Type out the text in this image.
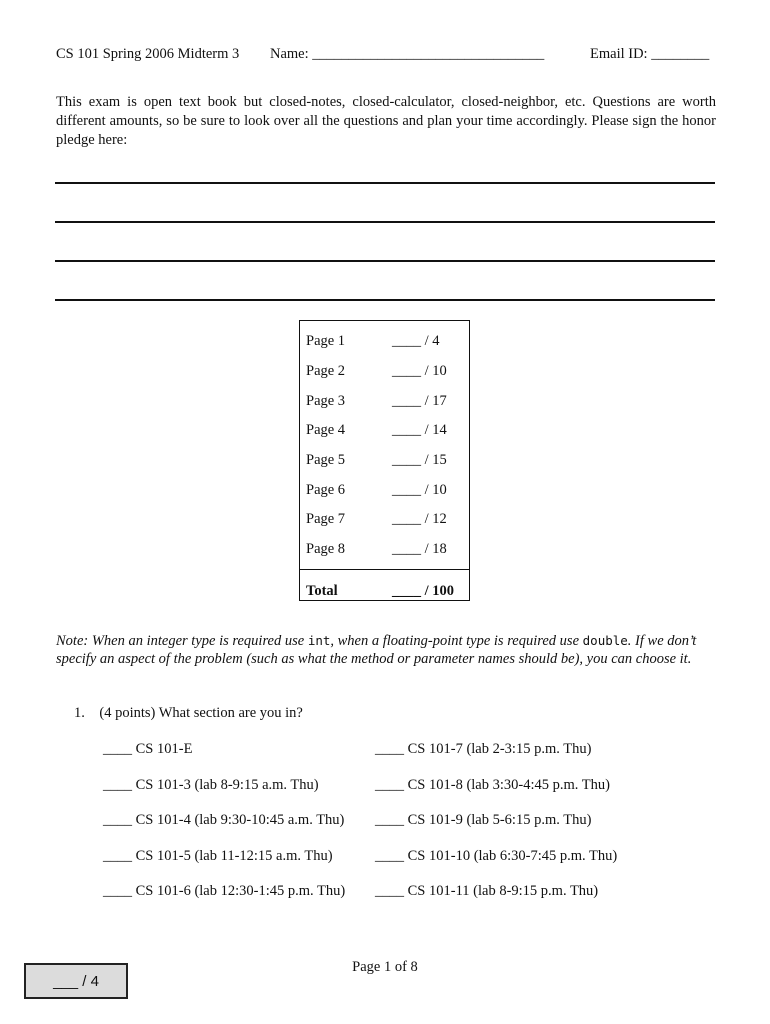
CS 101 Spring 2006 Midterm 3 Name: ________________________________	Email ID: ________
This exam is open text book but closed-notes, closed-calculator, closed-neighbor, etc. Questions are worth different amounts, so be sure to look over all the questions and plan your time accordingly. Please sign the honor pledge here:
Page 1	____ / 4
Page 2	____ / 10
Page 3	____ / 17
Page 4	____ / 14
Page 5	____ / 15
Page 6	____ / 10
Page 7	____ / 12
Page 8	____ / 18
Total	____ / 100
Note: When an integer type is required use int, when a floating-point type is required use double. If we don’t specify an aspect of the problem (such as what the method or parameter names should be), you can choose it.
1.    (4 points) What section are you in?
____ CS 101-E
____ CS 101-3 (lab 8-9:15 a.m. Thu)
____ CS 101-4 (lab 9:30-10:45 a.m. Thu)
____ CS 101-5 (lab 11-12:15 a.m. Thu)
____ CS 101-6 (lab 12:30-1:45 p.m. Thu)
____ CS 101-7 (lab 2-3:15 p.m. Thu)
____ CS 101-8 (lab 3:30-4:45 p.m. Thu)
____ CS 101-9 (lab 5-6:15 p.m. Thu)
____ CS 101-10 (lab 6:30-7:45 p.m. Thu)
____ CS 101-11 (lab 8-9:15 p.m. Thu)
___ / 4
Page 1 of 8
